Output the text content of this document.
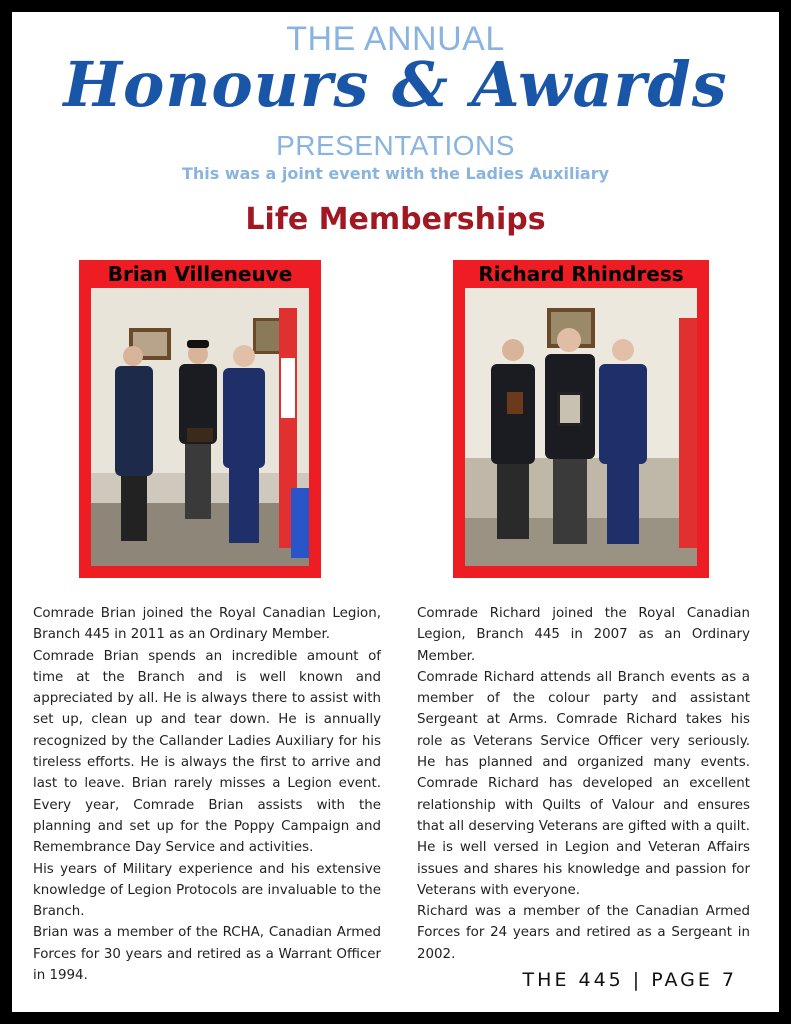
THE ANNUAL
Honours & Awards
PRESENTATIONS
This was a joint event with the Ladies Auxiliary
Life Memberships
Brian Villeneuve	Richard Rhindress

Comrade Brian joined the Royal Canadian Legion, Branch 445 in 2011 as an Ordinary Member.

Comrade Brian spends an incredible amount of time at the Branch and is well known and appreciated by all. He is always there to assist with set up, clean up and tear down. He is annually recognized by the Callander Ladies Auxiliary for his tireless efforts. He is always the first to arrive and last to leave. Brian rarely misses a Legion event. Every year, Comrade Brian assists with the planning and set up for the Poppy Campaign and Remembrance Day Service and activities.

His years of Military experience and his extensive knowledge of Legion Protocols are invaluable to the Branch.

Brian was a member of the RCHA, Canadian Armed Forces for 30 years and retired as a Warrant Officer in 1994.

Comrade Richard joined the Royal Canadian Legion, Branch 445 in 2007 as an Ordinary Member.

Comrade Richard attends all Branch events as a member of the colour party and assistant Sergeant at Arms. Comrade Richard takes his role as Veterans Service Officer very seriously. He has planned and organized many events. Comrade Richard has developed an excellent relationship with Quilts of Valour and ensures that all deserving Veterans are gifted with a quilt. He is well versed in Legion and Veteran Affairs issues and shares his knowledge and passion for Veterans with everyone.

Richard was a member of the Canadian Armed Forces for 24 years and retired as a Sergeant in 2002.

THE 445 | PAGE 7
